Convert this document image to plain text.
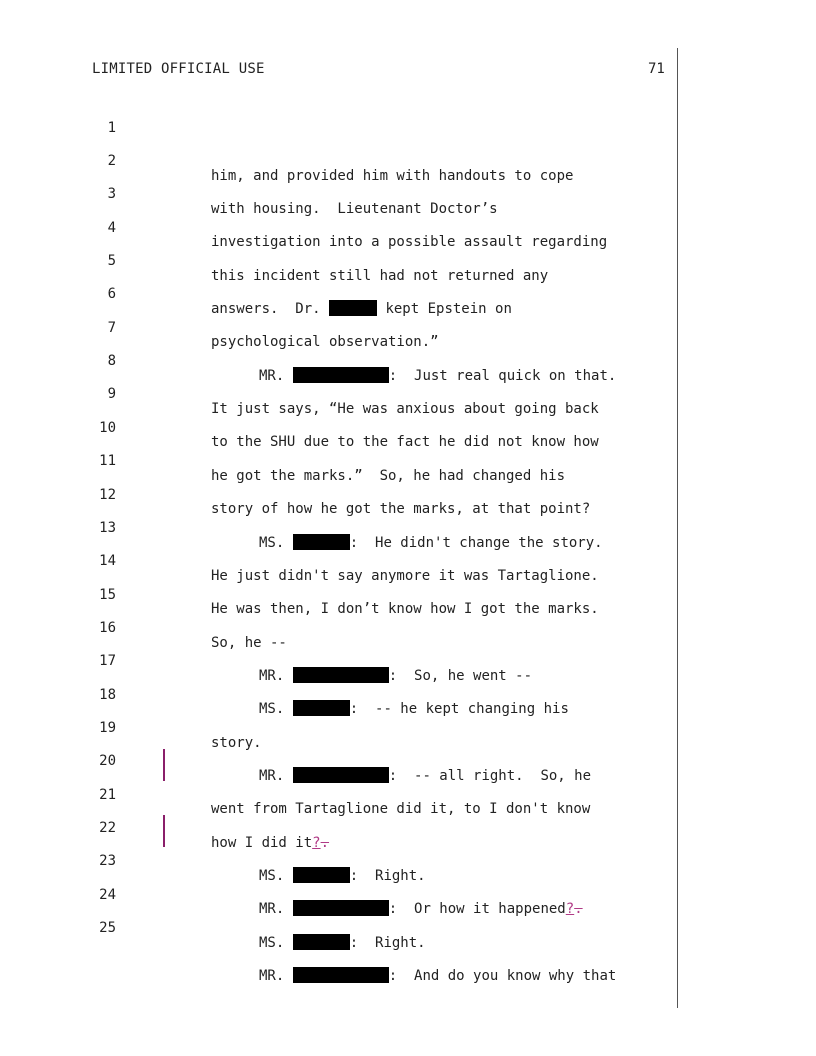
LIMITED OFFICIAL USE	71

1

him, and provided him with handouts to cope

2

with housing.  Lieutenant Doctor’s

3

investigation into a possible assault regarding

4

this incident still had not returned any

5

answers.  Dr.	kept Epstein on

6

psychological observation.”

7

MR.	:  Just real quick on that.

8

It just says, “He was anxious about going back

9

to the SHU due to the fact he did not know how

10

he got the marks.”  So, he had changed his

11

story of how he got the marks, at that point?

12

MS.	:  He didn't change the story.

13

He just didn't say anymore it was Tartaglione.

14

He was then, I don’t know how I got the marks.

15

So, he --

16

MR.	:  So, he went --

17

MS.	:  -- he kept changing his

18

story.

19

MR.	:  -- all right.  So, he

20

went from Tartaglione did it, to I don't know

21

how I did it?.

22

MS.	:  Right.

23

MR.	:  Or how it happened?.

24

MS.	:  Right.

25

MR.	:  And do you know why that
